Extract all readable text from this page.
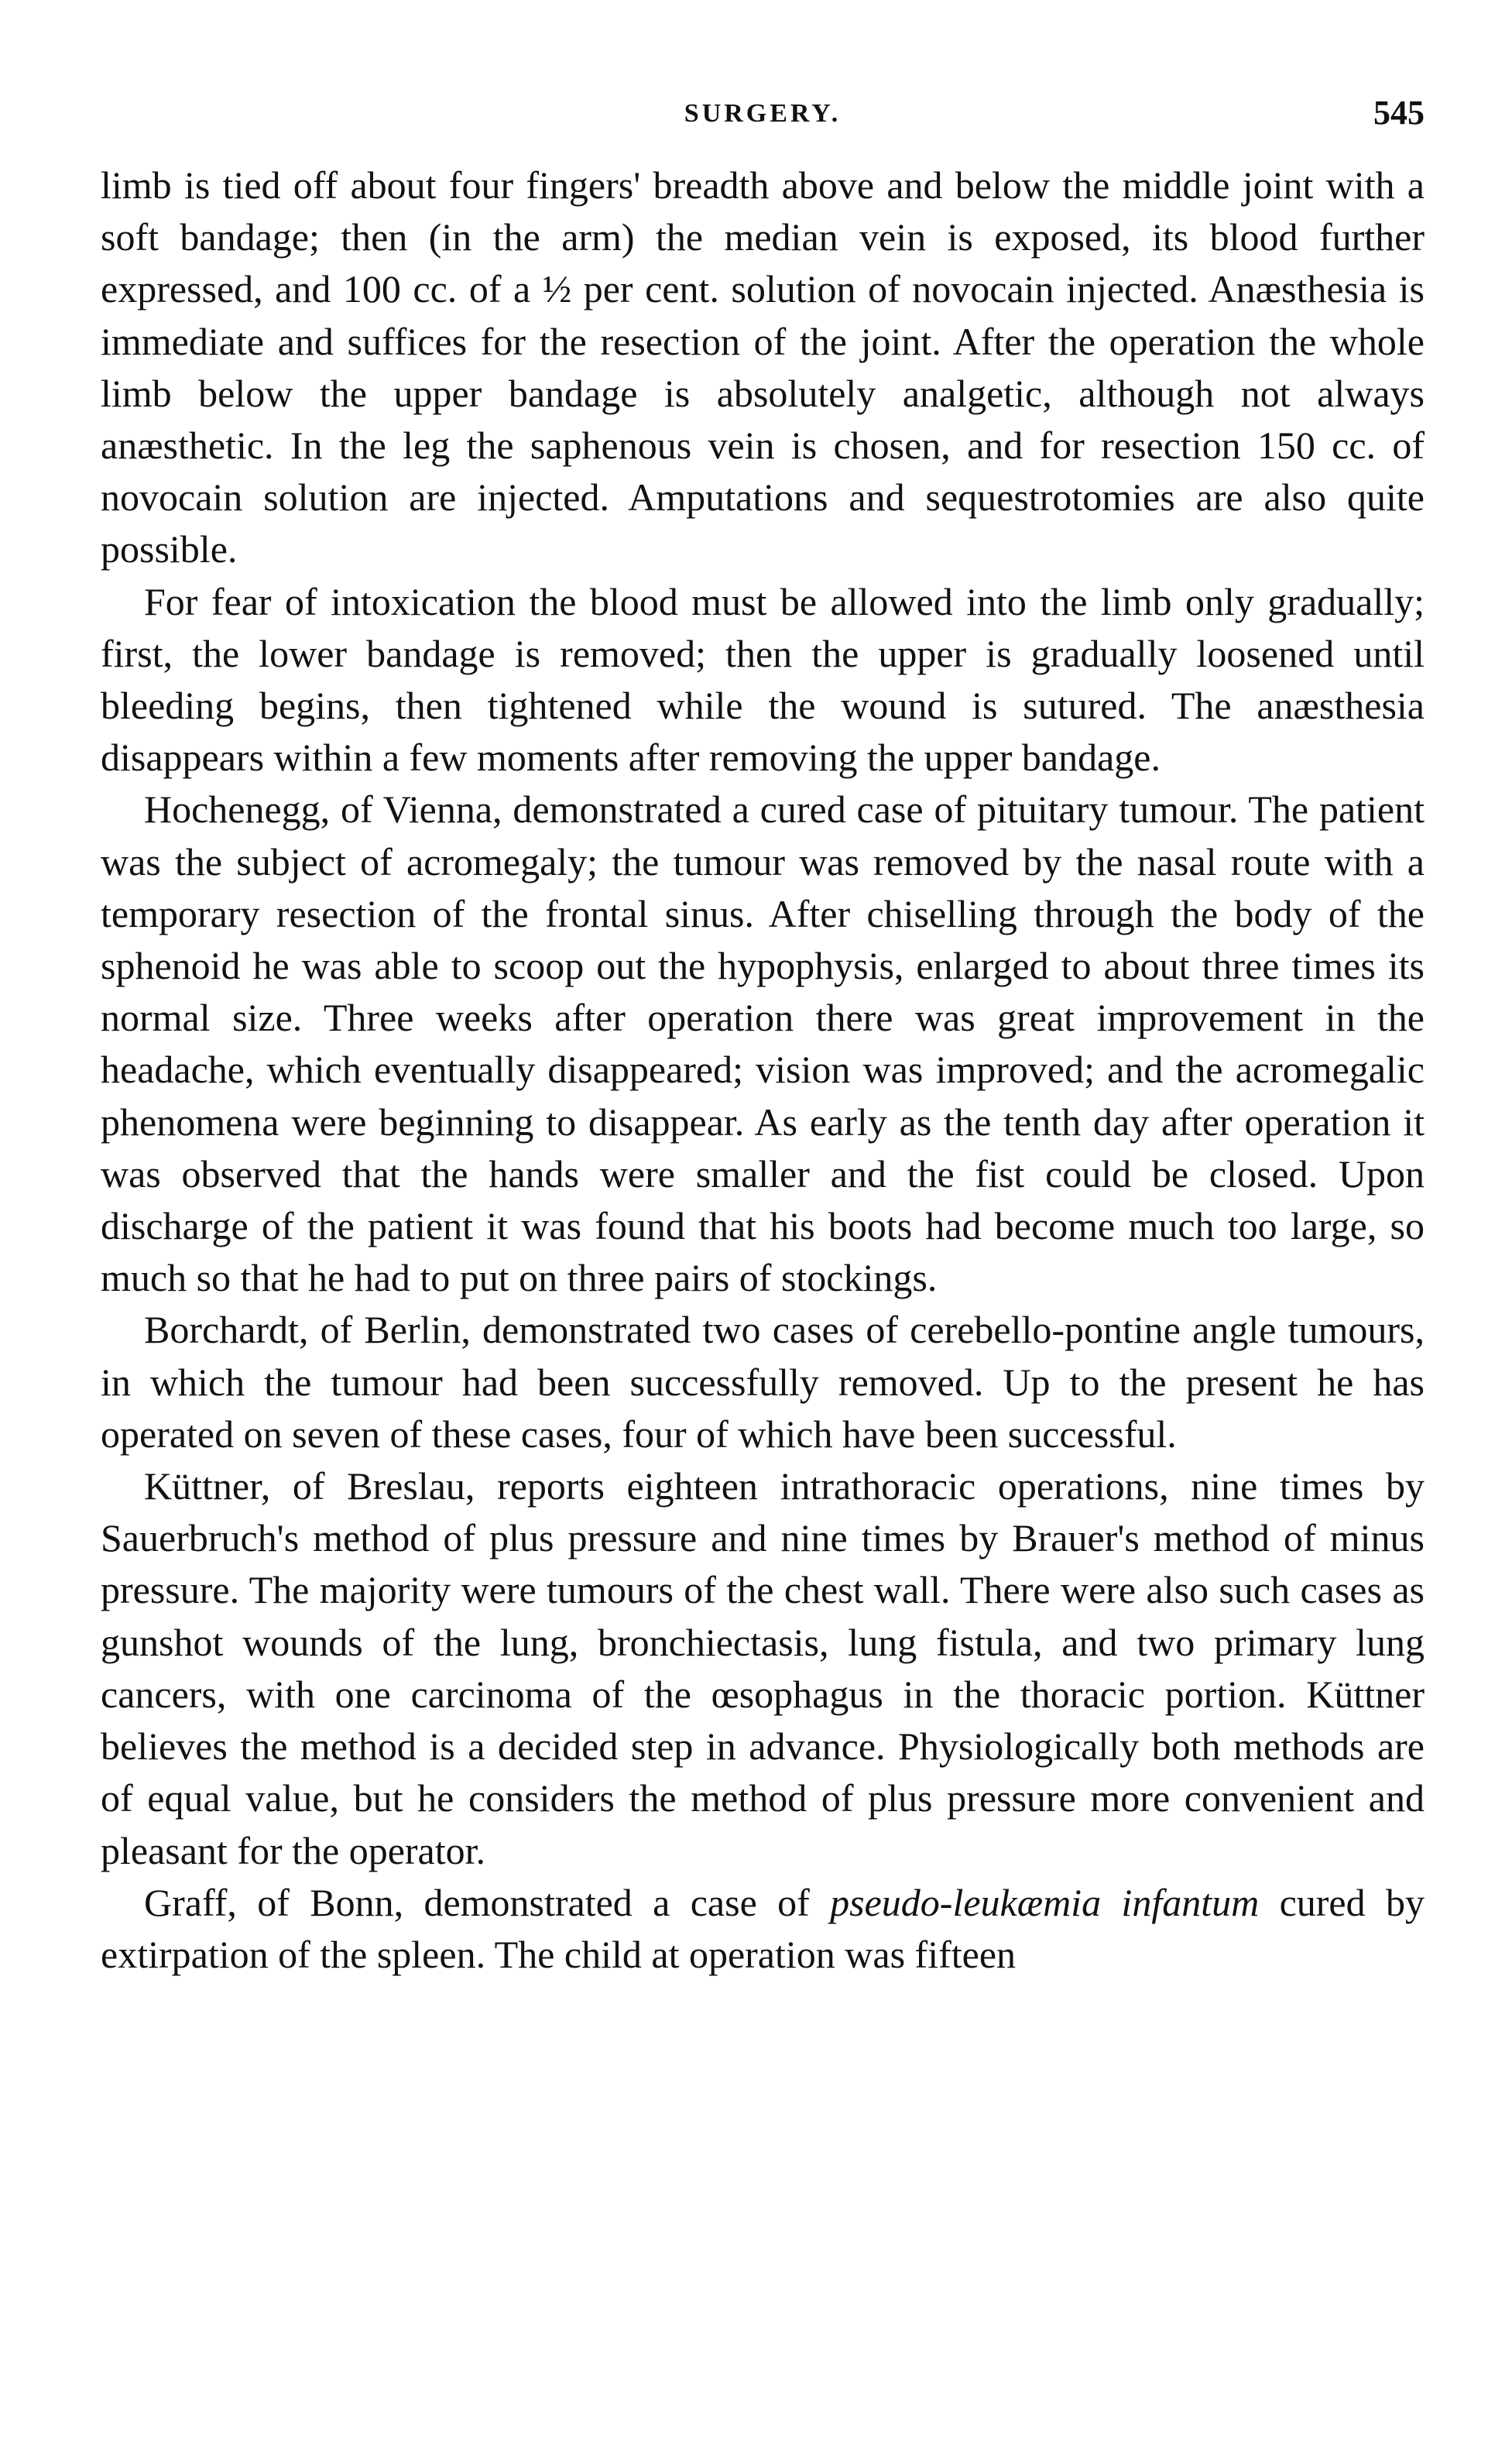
SURGERY.	545

limb is tied off about four fingers' breadth above and below the middle joint with a soft bandage; then (in the arm) the median vein is exposed, its blood further expressed, and 100 cc. of a ½ per cent. solution of novocain injected. Anæsthesia is immediate and suffices for the resection of the joint. After the operation the whole limb below the upper bandage is absolutely analgetic, although not always anæsthetic. In the leg the saphenous vein is chosen, and for resection 150 cc. of novocain solution are injected. Amputations and sequestrotomies are also quite possible.

For fear of intoxication the blood must be allowed into the limb only gradually; first, the lower bandage is removed; then the upper is gradually loosened until bleeding begins, then tightened while the wound is sutured. The anæsthesia disappears within a few moments after removing the upper bandage.

Hochenegg, of Vienna, demonstrated a cured case of pituitary tumour. The patient was the subject of acromegaly; the tumour was removed by the nasal route with a temporary resection of the frontal sinus. After chiselling through the body of the sphenoid he was able to scoop out the hypophysis, enlarged to about three times its normal size. Three weeks after operation there was great improvement in the headache, which eventually disappeared; vision was improved; and the acromegalic phenomena were beginning to disappear. As early as the tenth day after operation it was observed that the hands were smaller and the fist could be closed. Upon discharge of the patient it was found that his boots had become much too large, so much so that he had to put on three pairs of stockings.

Borchardt, of Berlin, demonstrated two cases of cerebello-pontine angle tumours, in which the tumour had been successfully removed. Up to the present he has operated on seven of these cases, four of which have been successful.

Küttner, of Breslau, reports eighteen intrathoracic operations, nine times by Sauerbruch's method of plus pressure and nine times by Brauer's method of minus pressure. The majority were tumours of the chest wall. There were also such cases as gunshot wounds of the lung, bronchiectasis, lung fistula, and two primary lung cancers, with one carcinoma of the œsophagus in the thoracic portion. Küttner believes the method is a decided step in advance. Physiologically both methods are of equal value, but he considers the method of plus pressure more convenient and pleasant for the operator.

Graff, of Bonn, demonstrated a case of pseudo-leukæmia infantum cured by extirpation of the spleen. The child at operation was fifteen
